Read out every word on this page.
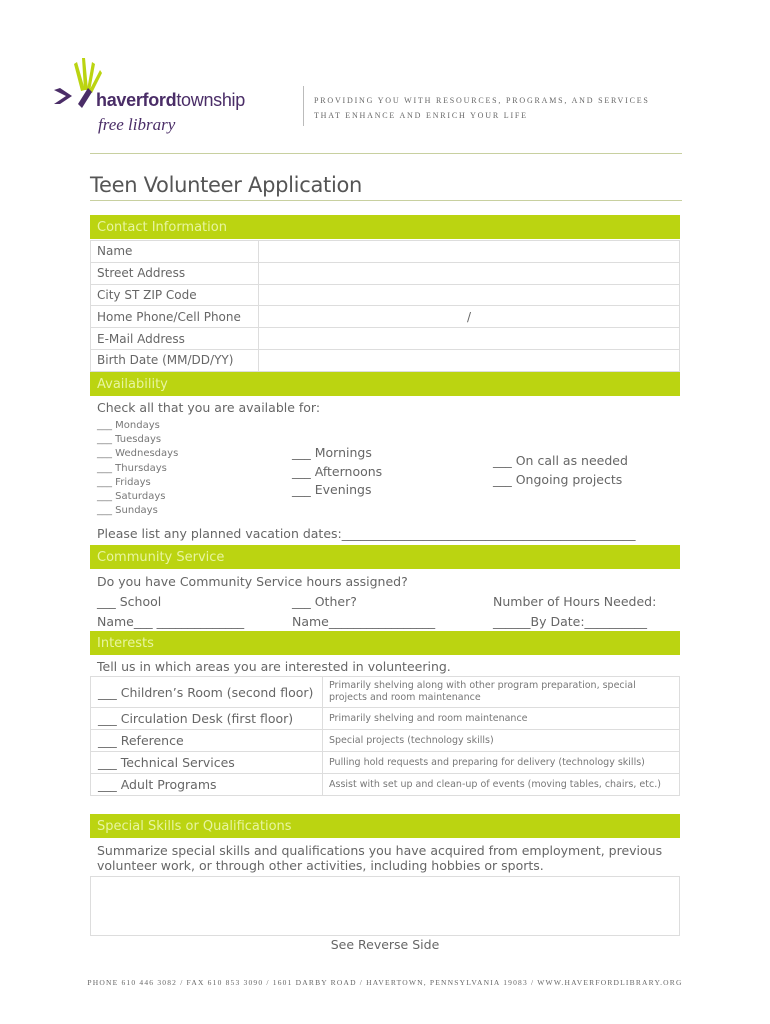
haverfordtownship
free library
PROVIDING YOU WITH RESOURCES, PROGRAMS, AND SERVICES
THAT ENHANCE AND ENRICH YOUR LIFE
Teen Volunteer Application
Contact Information
Name	
Street Address	
City ST ZIP Code	
Home Phone/Cell Phone	/
E-Mail Address	
Birth Date (MM/DD/YY)	
Availability
Check all that you are available for:
___ Mondays
___ Tuesdays
___ Wednesdays
___ Thursdays
___ Fridays
___ Saturdays
___ Sundays
___ Mornings
___ Afternoons
___ Evenings
___ On call as needed
___ Ongoing projects
Please list any planned vacation dates:_______________________________________________
Community Service
Do you have Community Service hours assigned?
___ School
Name___ ______________
___ Other?
Name_________________
Number of Hours Needed:
______By Date:__________
Interests
Tell us in which areas you are interested in volunteering.
___ Children’s Room (second floor)	Primarily shelving along with other program preparation, special projects and room maintenance
___ Circulation Desk (first floor)	Primarily shelving and room maintenance
___ Reference	Special projects (technology skills)
___ Technical Services	Pulling hold requests and preparing for delivery (technology skills)
___ Adult Programs	Assist with set up and clean-up of events (moving tables, chairs, etc.)
Special Skills or Qualifications
Summarize special skills and qualifications you have acquired from employment, previous
volunteer work, or through other activities, including hobbies or sports.
See Reverse Side
PHONE 610 446 3082 / FAX 610 853 3090 / 1601 DARBY ROAD / HAVERTOWN, PENNSYLVANIA 19083 / WWW.HAVERFORDLIBRARY.ORG
